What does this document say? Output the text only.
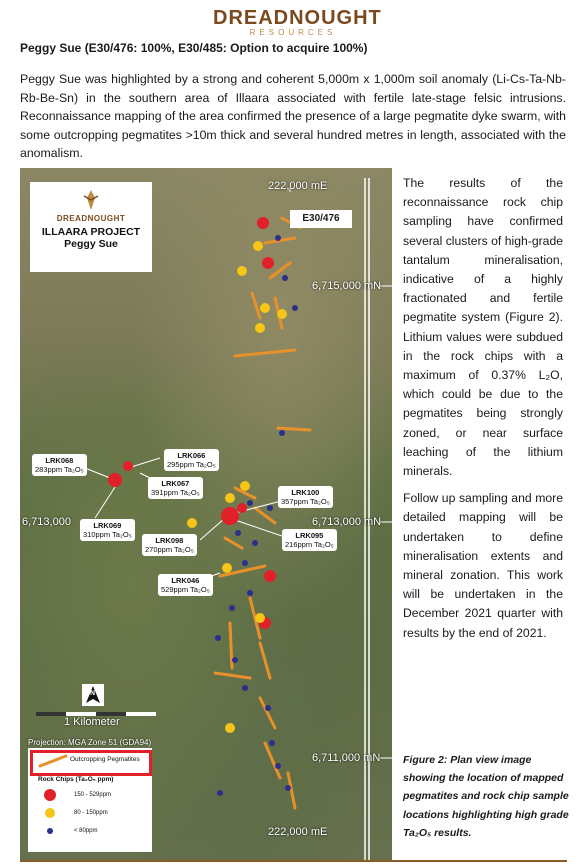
DREADNOUGHT
RESOURCES
Peggy Sue (E30/476: 100%, E30/485: Option to acquire 100%)
Peggy Sue was highlighted by a strong and coherent 5,000m x 1,000m soil anomaly (Li-Cs-Ta-Nb-Rb-Be-Sn) in the southern area of Illaara associated with fertile late-stage felsic intrusions. Reconnaissance mapping of the area confirmed the presence of a large pegmatite dyke swarm, with some outcropping pegmatites >10m thick and several hundred metres in length, associated with the anomalism.
DREADNOUGHT
ILLAARA PROJECT
Peggy Sue
E30/476
222,000 mE
6,715,000 mN
6,713,000	6,713,000 mN
6,711,000 mN
222,000 mE
LRK068
283ppm Ta₂O₅
LRK066
295ppm Ta₂O₅
LRK067
391ppm Ta₂O₅	LRK100
357ppm Ta₂O₅
LRK069
310ppm Ta₂O₅
LRK098
270ppm Ta₂O₅
LRK095
216ppm Ta₂O₅
LRK046
529ppm Ta₂O₅
N
1 Kilometer
Projection: MGA Zone 51 (GDA94)
Outcropping Pegmatites
Rock Chips (Ta₂O₅ ppm)
150 - 529ppm
80 - 150ppm
< 80ppm

The results of the reconnaissance rock chip sampling have confirmed several clusters of high-grade tantalum mineralisation, indicative of a highly fractionated and fertile pegmatite system (Figure 2). Lithium values were subdued in the rock chips with a maximum of 0.37% L₂O, which could be due to the pegmatites being strongly zoned, or near surface leaching of the lithium minerals.

Follow up sampling and more detailed mapping will be undertaken to define mineralisation extents and mineral zonation. This work will be undertaken in the December 2021 quarter with results by the end of 2021.

Figure 2: Plan view image showing the location of mapped pegmatites and rock chip sample locations highlighting high grade Ta₂O₅ results.
